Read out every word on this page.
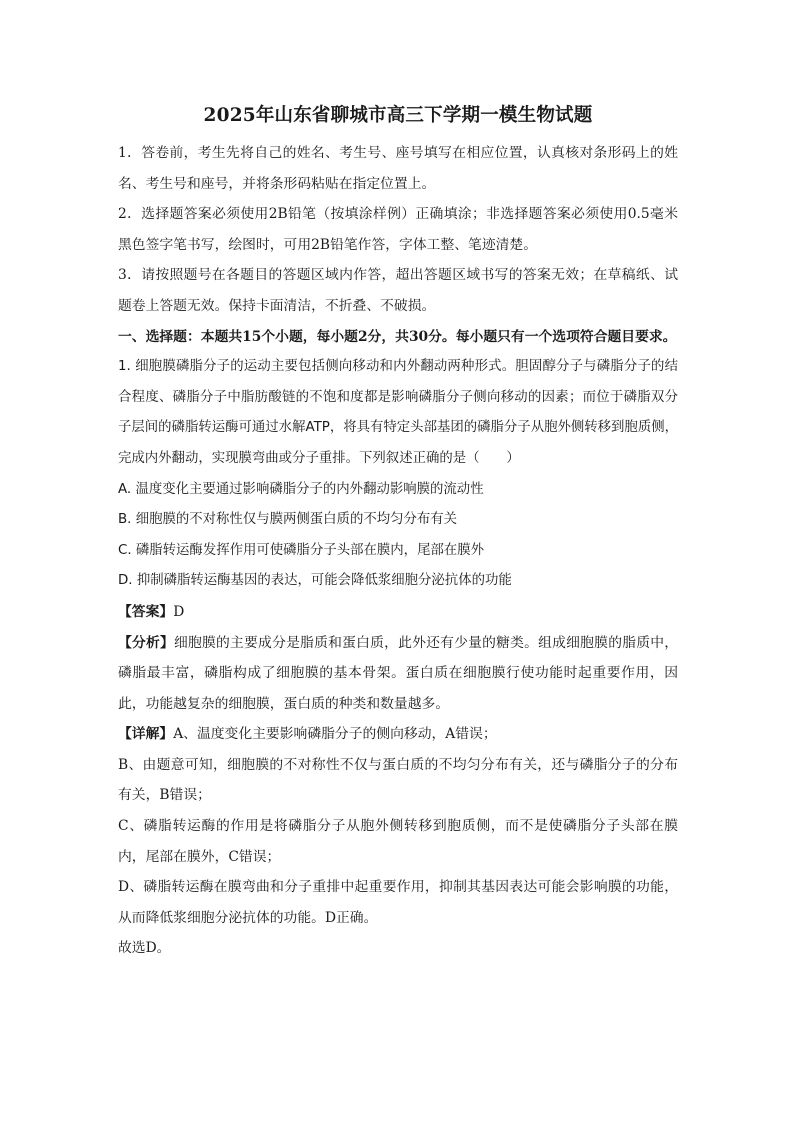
2025年山东省聊城市高三下学期一模生物试题

1．答卷前，考生先将自己的姓名、考生号、座号填写在相应位置，认真核对条形码上的姓名、考生号和座号，并将条形码粘贴在指定位置上。

2．选择题答案必须使用2B铅笔（按填涂样例）正确填涂；非选择题答案必须使用0.5毫米黑色签字笔书写，绘图时，可用2B铅笔作答，字体工整、笔迹清楚。

3．请按照题号在各题目的答题区域内作答，超出答题区域书写的答案无效；在草稿纸、试题卷上答题无效。保持卡面清洁，不折叠、不破损。

一、选择题：本题共15个小题，每小题2分，共30分。每小题只有一个选项符合题目要求。

1. 细胞膜磷脂分子的运动主要包括侧向移动和内外翻动两种形式。胆固醇分子与磷脂分子的结合程度、磷脂分子中脂肪酸链的不饱和度都是影响磷脂分子侧向移动的因素；而位于磷脂双分子层间的磷脂转运酶可通过水解ATP，将具有特定头部基团的磷脂分子从胞外侧转移到胞质侧，完成内外翻动，实现膜弯曲或分子重排。下列叙述正确的是（　　）

A. 温度变化主要通过影响磷脂分子的内外翻动影响膜的流动性

B. 细胞膜的不对称性仅与膜两侧蛋白质的不均匀分布有关

C. 磷脂转运酶发挥作用可使磷脂分子头部在膜内，尾部在膜外

D. 抑制磷脂转运酶基因的表达，可能会降低浆细胞分泌抗体的功能

【答案】D

【分析】细胞膜的主要成分是脂质和蛋白质，此外还有少量的糖类。组成细胞膜的脂质中，磷脂最丰富，磷脂构成了细胞膜的基本骨架。蛋白质在细胞膜行使功能时起重要作用，因此，功能越复杂的细胞膜，蛋白质的种类和数量越多。

【详解】A、温度变化主要影响磷脂分子的侧向移动，A错误；

B、由题意可知，细胞膜的不对称性不仅与蛋白质的不均匀分布有关，还与磷脂分子的分布有关，B错误；

C、磷脂转运酶的作用是将磷脂分子从胞外侧转移到胞质侧，而不是使磷脂分子头部在膜内，尾部在膜外，C错误；

D、磷脂转运酶在膜弯曲和分子重排中起重要作用，抑制其基因表达可能会影响膜的功能，从而降低浆细胞分泌抗体的功能。D正确。

故选D。
